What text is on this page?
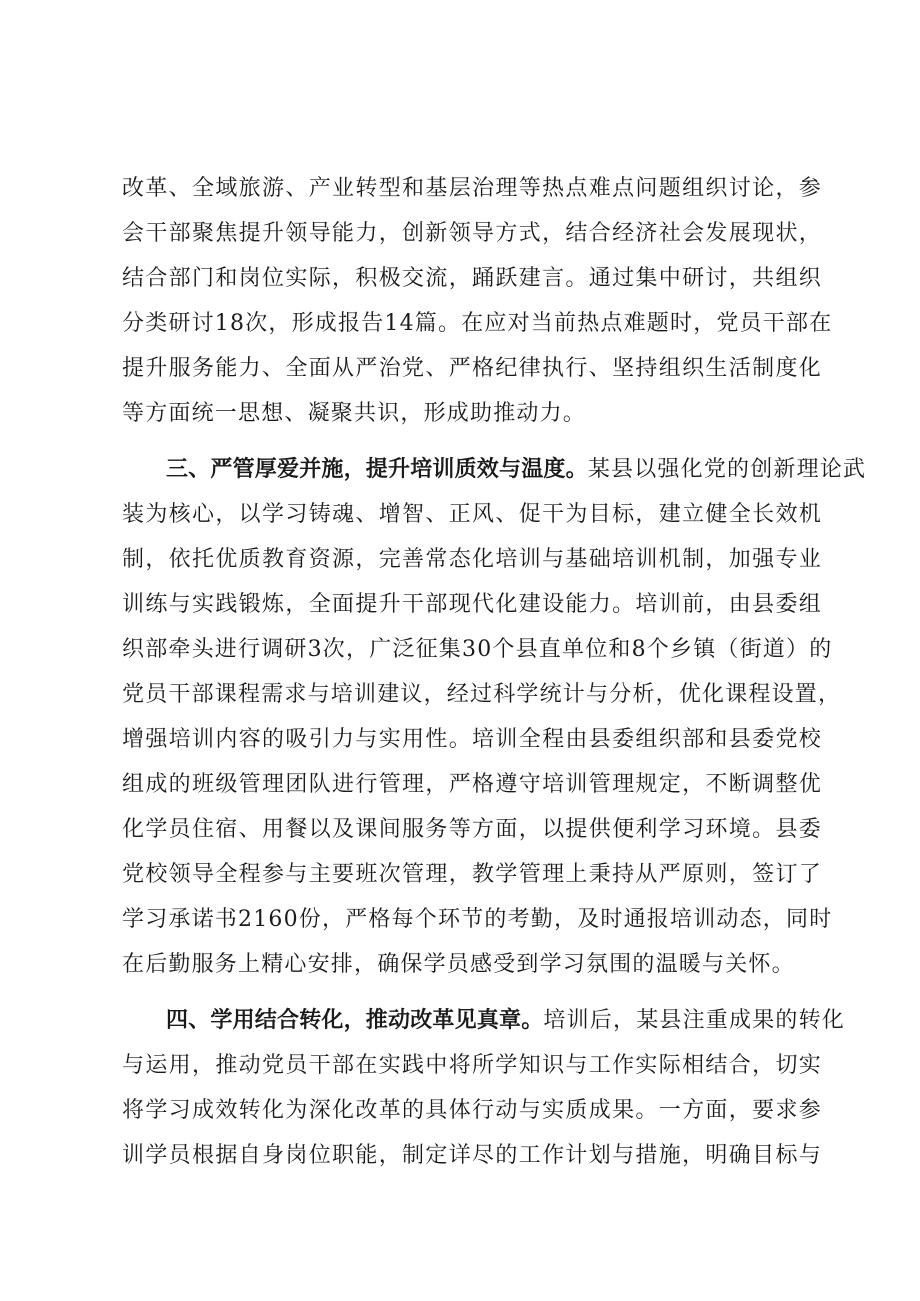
改革、全域旅游、产业转型和基层治理等热点难点问题组织讨论，参
会干部聚焦提升领导能力，创新领导方式，结合经济社会发展现状，
结合部门和岗位实际，积极交流，踊跃建言。通过集中研讨，共组织
分类研讨18次，形成报告14篇。在应对当前热点难题时，党员干部在
提升服务能力、全面从严治党、严格纪律执行、坚持组织生活制度化
等方面统一思想、凝聚共识，形成助推动力。
三、严管厚爱并施，提升培训质效与温度。某县以强化党的创新理论武
装为核心，以学习铸魂、增智、正风、促干为目标，建立健全长效机
制，依托优质教育资源，完善常态化培训与基础培训机制，加强专业
训练与实践锻炼，全面提升干部现代化建设能力。培训前，由县委组
织部牵头进行调研3次，广泛征集30个县直单位和8个乡镇（街道）的
党员干部课程需求与培训建议，经过科学统计与分析，优化课程设置，
增强培训内容的吸引力与实用性。培训全程由县委组织部和县委党校
组成的班级管理团队进行管理，严格遵守培训管理规定，不断调整优
化学员住宿、用餐以及课间服务等方面，以提供便利学习环境。县委
党校领导全程参与主要班次管理，教学管理上秉持从严原则，签订了
学习承诺书2160份，严格每个环节的考勤，及时通报培训动态，同时
在后勤服务上精心安排，确保学员感受到学习氛围的温暖与关怀。
四、学用结合转化，推动改革见真章。培训后，某县注重成果的转化
与运用，推动党员干部在实践中将所学知识与工作实际相结合，切实
将学习成效转化为深化改革的具体行动与实质成果。一方面，要求参
训学员根据自身岗位职能，制定详尽的工作计划与措施，明确目标与
